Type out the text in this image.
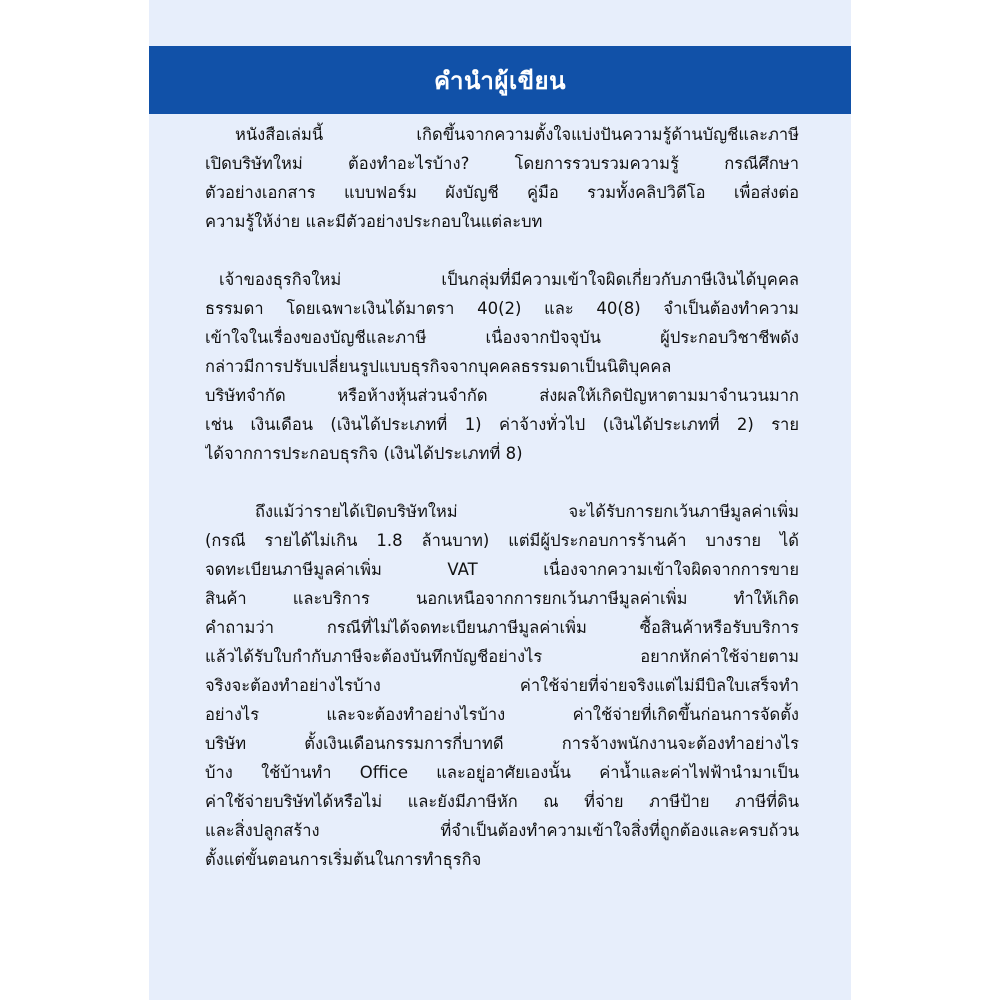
คำนำผู้เขียน

หนังสือเล่มนี้ เกิดขึ้นจากความตั้งใจแบ่งปันความรู้ด้านบัญชีและภาษี
เปิดบริษัทใหม่ ต้องทำอะไรบ้าง? โดยการรวบรวมความรู้ กรณีศึกษา
ตัวอย่างเอกสาร แบบฟอร์ม ผังบัญชี คู่มือ รวมทั้งคลิปวิดีโอ เพื่อส่งต่อ
ความรู้ให้ง่าย และมีตัวอย่างประกอบในแต่ละบท

เจ้าของธุรกิจใหม่ เป็นกลุ่มที่มีความเข้าใจผิดเกี่ยวกับภาษีเงินได้บุคคล
ธรรมดา โดยเฉพาะเงินได้มาตรา 40(2) และ 40(8) จำเป็นต้องทำความ
เข้าใจในเรื่องของบัญชีและภาษี เนื่องจากปัจจุบัน ผู้ประกอบวิชาชีพดัง
กล่าวมีการปรับเปลี่ยนรูปแบบธุรกิจจากบุคคลธรรมดาเป็นนิติบุคคล
บริษัทจำกัด หรือห้างหุ้นส่วนจำกัด ส่งผลให้เกิดปัญหาตามมาจำนวนมาก
เช่น เงินเดือน (เงินได้ประเภทที่ 1) ค่าจ้างทั่วไป (เงินได้ประเภทที่ 2) ราย
ได้จากการประกอบธุรกิจ (เงินได้ประเภทที่ 8)

ถึงแม้ว่ารายได้เปิดบริษัทใหม่ จะได้รับการยกเว้นภาษีมูลค่าเพิ่ม
(กรณี รายได้ไม่เกิน 1.8 ล้านบาท) แต่มีผู้ประกอบการร้านค้า บางราย ได้
จดทะเบียนภาษีมูลค่าเพิ่ม VAT เนื่องจากความเข้าใจผิดจากการขาย
สินค้า และบริการ นอกเหนือจากการยกเว้นภาษีมูลค่าเพิ่ม ทำให้เกิด
คำถามว่า กรณีที่ไม่ได้จดทะเบียนภาษีมูลค่าเพิ่ม ซื้อสินค้าหรือรับบริการ
แล้วได้รับใบกำกับภาษีจะต้องบันทึกบัญชีอย่างไร อยากหักค่าใช้จ่ายตาม
จริงจะต้องทำอย่างไรบ้าง ค่าใช้จ่ายที่จ่ายจริงแต่ไม่มีบิลใบเสร็จทำ
อย่างไร และจะต้องทำอย่างไรบ้าง ค่าใช้จ่ายที่เกิดขึ้นก่อนการจัดตั้ง
บริษัท ตั้งเงินเดือนกรรมการกี่บาทดี การจ้างพนักงานจะต้องทำอย่างไร
บ้าง ใช้บ้านทำ Office และอยู่อาศัยเองนั้น ค่าน้ำและค่าไฟฟ้านำมาเป็น
ค่าใช้จ่ายบริษัทได้หรือไม่ และยังมีภาษีหัก ณ ที่จ่าย ภาษีป้าย ภาษีที่ดิน
และสิ่งปลูกสร้าง ที่จำเป็นต้องทำความเข้าใจสิ่งที่ถูกต้องและครบถ้วน
ตั้งแต่ขั้นตอนการเริ่มต้นในการทำธุรกิจ
